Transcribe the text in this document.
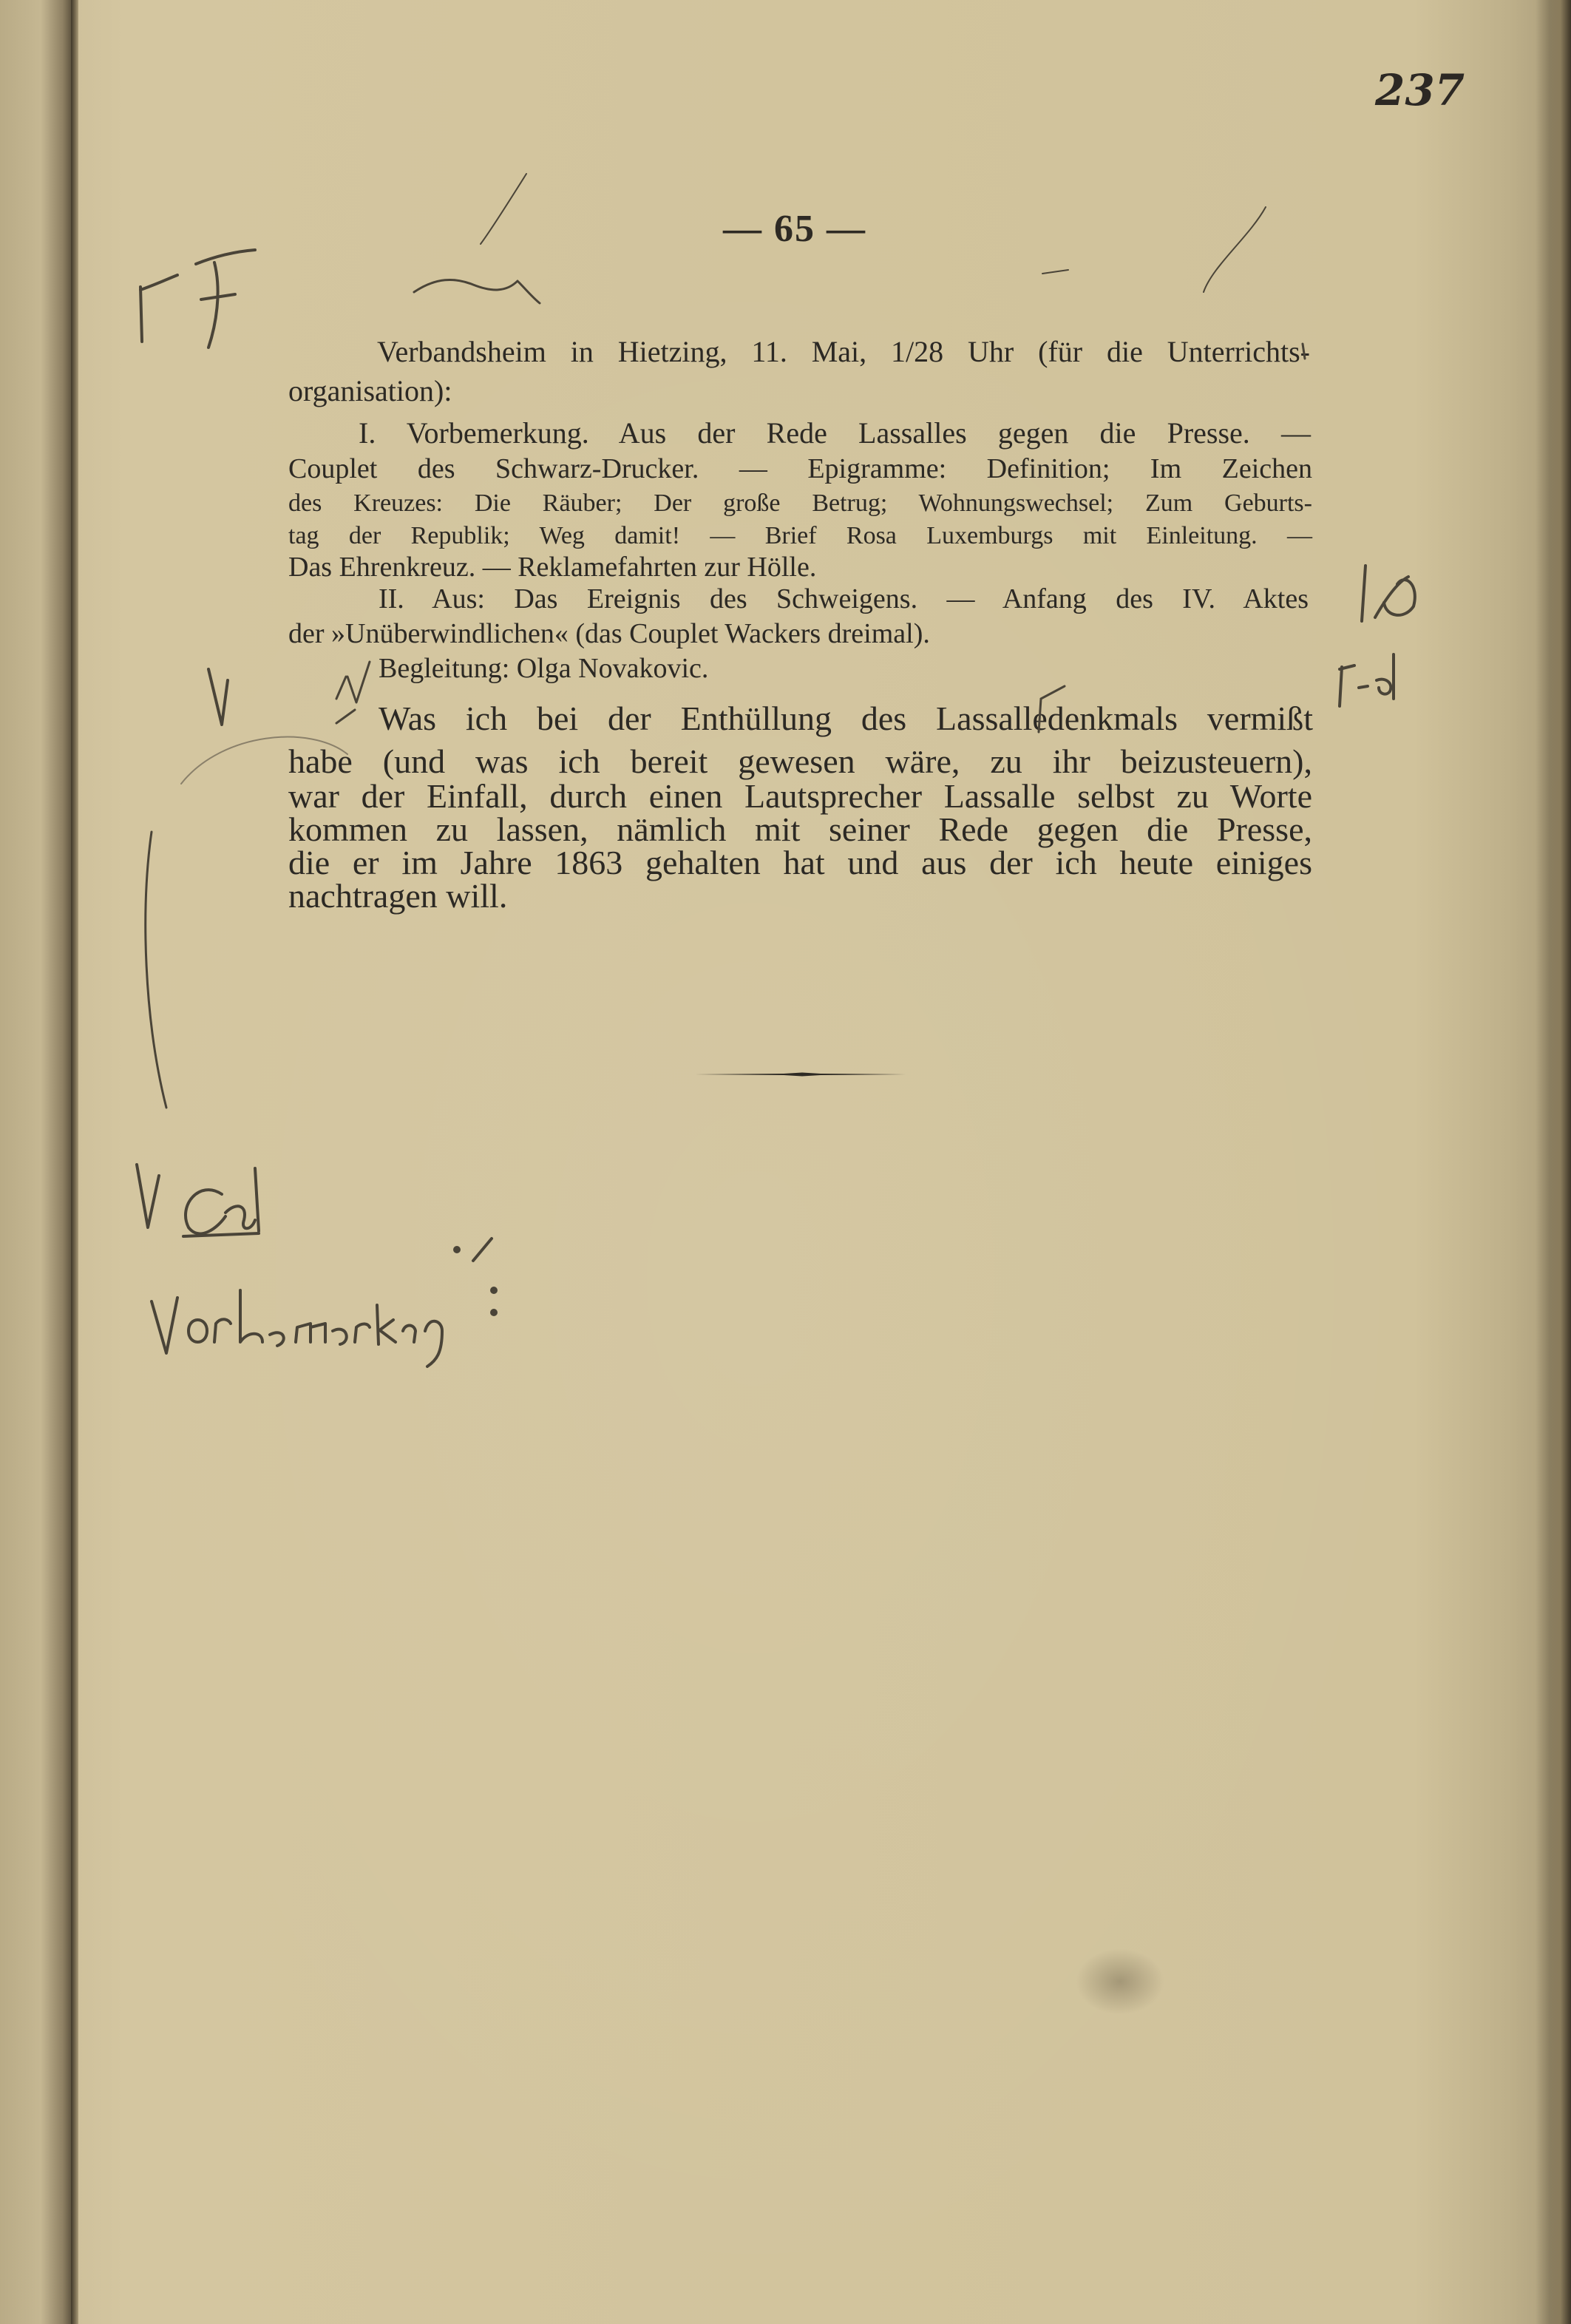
237
— 65 —

Verbandsheim in Hietzing, 11. Mai, 1/28 Uhr (für die Unterrichts-

organisation):

I. Vorbemerkung. Aus der Rede Lassalles gegen die Presse. —

Couplet des Schwarz-Drucker. — Epigramme: Definition; Im Zeichen

des Kreuzes: Die Räuber; Der große Betrug; Wohnungswechsel; Zum Geburts-

tag der Republik; Weg damit! — Brief Rosa Luxemburgs mit Einleitung. —

Das Ehrenkreuz. — Reklamefahrten zur Hölle.

II. Aus: Das Ereignis des Schweigens. — Anfang des IV. Aktes

der »Unüberwindlichen« (das Couplet Wackers dreimal).

Begleitung: Olga Novakovic.

Was ich bei der Enthüllung des Lassalledenkmals vermißt

habe (und was ich bereit gewesen wäre, zu ihr beizusteuern),

war der Einfall, durch einen Lautsprecher Lassalle selbst zu Worte

kommen zu lassen, nämlich mit seiner Rede gegen die Presse,

die er im Jahre 1863 gehalten hat und aus der ich heute einiges

nachtragen will.
